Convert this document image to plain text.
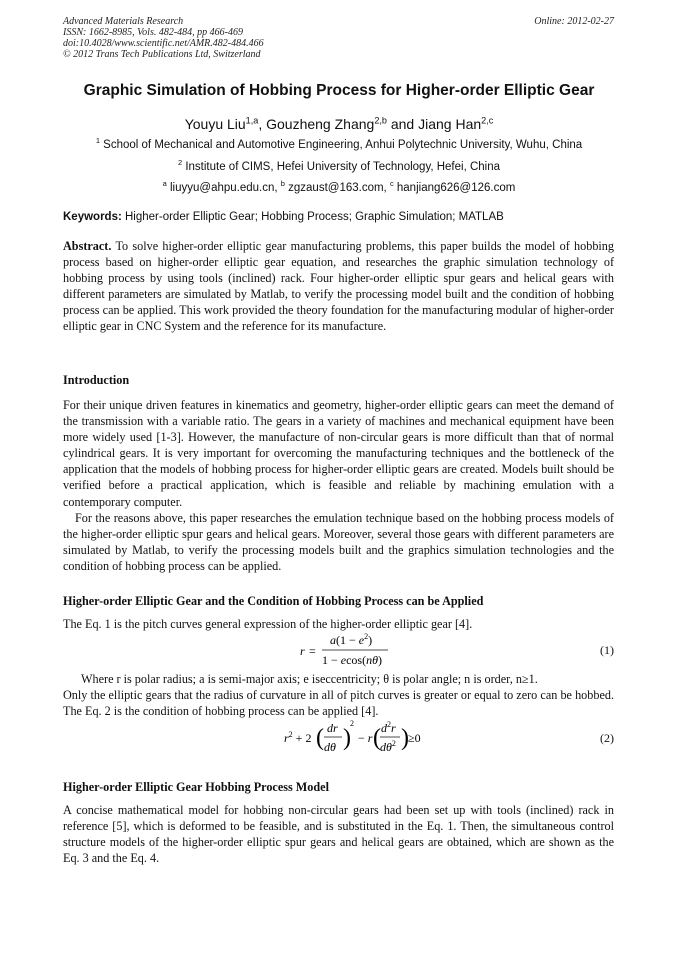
Advanced Materials Research
ISSN: 1662-8985, Vols. 482-484, pp 466-469
doi:10.4028/www.scientific.net/AMR.482-484.466
© 2012 Trans Tech Publications Ltd, Switzerland
Online: 2012-02-27
Graphic Simulation of Hobbing Process for Higher-order Elliptic Gear
Youyu Liu$^{1,a}$, Gouzheng Zhang$^{2,b}$ and Jiang Han$^{2,c}$
$^1$ School of Mechanical and Automotive Engineering, Anhui Polytechnic University, Wuhu, China
$^2$ Institute of CIMS, Hefei University of Technology, Hefei, China
$^a$ liuyyu@ahpu.edu.cn, $^b$ zgzaust@163.com, $^c$ hanjiang626@126.com
Keywords: Higher-order Elliptic Gear; Hobbing Process; Graphic Simulation; MATLAB
Abstract. To solve higher-order elliptic gear manufacturing problems, this paper builds the model of hobbing process based on higher-order elliptic gear equation, and researches the graphic simulation technology of hobbing process by using tools (inclined) rack. Four higher-order elliptic spur gears and helical gears with different parameters are simulated by Matlab, to verify the processing model built and the condition of hobbing process can be applied. This work provided the theory foundation for the manufacturing modular of higher-order elliptic gear in CNC System and the reference for its manufacture.
Introduction
For their unique driven features in kinematics and geometry, higher-order elliptic gears can meet the demand of the transmission with a variable ratio. The gears in a variety of machines and mechanical equipment have been more widely used [1-3]. However, the manufacture of non-circular gears is more difficult than that of normal cylindrical gears. It is very important for overcoming the manufacturing techniques and the bottleneck of the application that the models of hobbing process for higher-order elliptic gears are created. Models built should be verified before a practical application, which is feasible and reliable by machining emulation with a contemporary computer.
For the reasons above, this paper researches the emulation technique based on the hobbing process models of the higher-order elliptic spur gears and helical gears. Moreover, several those gears with different parameters are simulated by Matlab, to verify the processing models built and the graphics simulation technologies and the condition of hobbing process can be applied.
Higher-order Elliptic Gear and the Condition of Hobbing Process can be Applied
The Eq. 1 is the pitch curves general expression of the higher-order elliptic gear [4].
r =
$a(1 - e^2)$
1 − ecos(nθ)
(1)
Where r is polar radius; a is semi-major axis; e iseccentricity; θ is polar angle; n is order, n≥1.
Only the elliptic gears that the radius of curvature in all of pitch curves is greater or equal to zero can be hobbed. The Eq. 2 is the condition of hobbing process can be applied [4].
$r^2 + 2$ ( dr
dθ )
2
− r ( $d^2r$
$d\theta^2$ ) ≥0	(2)
Higher-order Elliptic Gear Hobbing Process Model
A concise mathematical model for hobbing non-circular gears had been set up with tools (inclined) rack in reference [5], which is deformed to be feasible, and is substituted in the Eq. 1. Then, the simultaneous control structure models of the higher-order elliptic spur gears and helical gears are obtained, which are shown as the Eq. 3 and the Eq. 4.
